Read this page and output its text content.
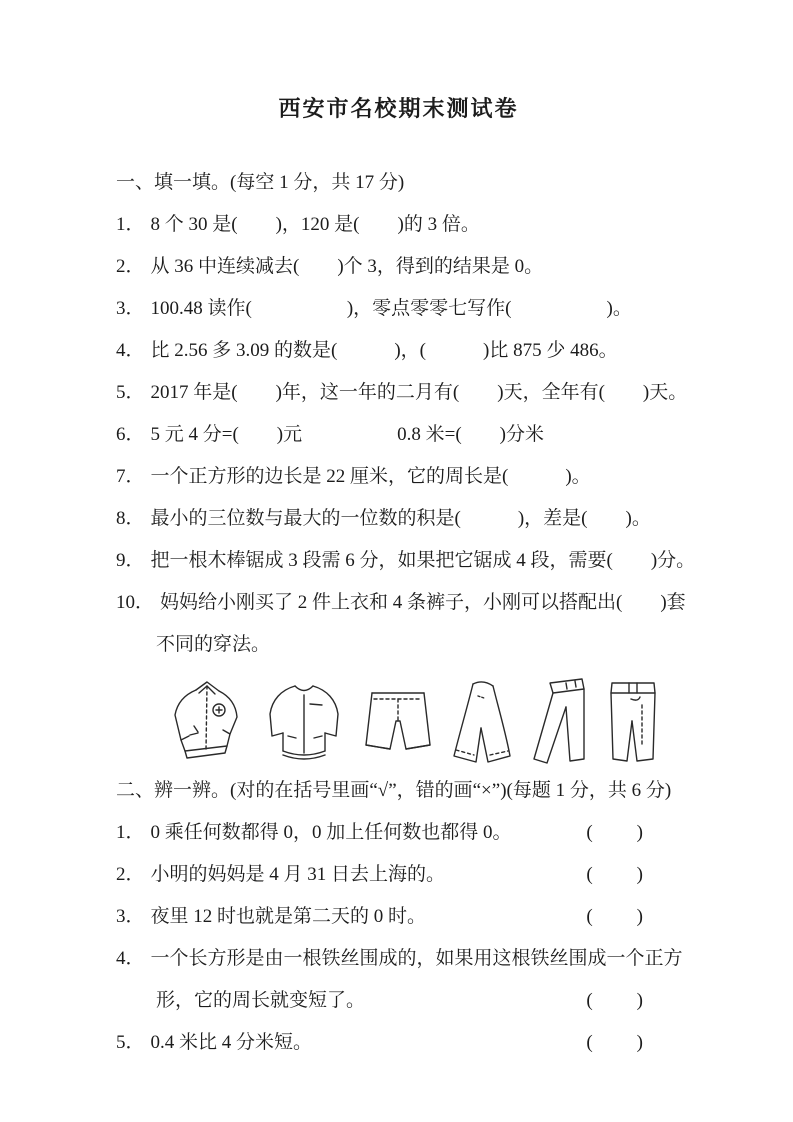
西安市名校期末测试卷
一、填一填。(每空 1 分，共 17 分)
1． 8 个 30 是(　　)，120 是(　　)的 3 倍。
2． 从 36 中连续减去(　　)个 3，得到的结果是 0。
3． 100.48 读作(　　　　　)，零点零零七写作(　　　　　)。
4． 比 2.56 多 3.09 的数是(　　　)，(　　　)比 875 少 486。
5． 2017 年是(　　)年，这一年的二月有(　　)天，全年有(　　)天。
6． 5 元 4 分=(　　)元　　　　　0.8 米=(　　)分米
7． 一个正方形的边长是 22 厘米，它的周长是(　　　)。
8． 最小的三位数与最大的一位数的积是(　　　)，差是(　　)。
9． 把一根木棒锯成 3 段需 6 分，如果把它锯成 4 段，需要(　　)分。
10． 妈妈给小刚买了 2 件上衣和 4 条裤子，小刚可以搭配出(　　)套
不同的穿法。
二、辨一辨。(对的在括号里画“√”，错的画“×”)(每题 1 分，共 6 分)
1． 0 乘任何数都得 0，0 加上任何数也都得 0。	(　　)
2． 小明的妈妈是 4 月 31 日去上海的。	(　　)
3． 夜里 12 时也就是第二天的 0 时。	(　　)
4． 一个长方形是由一根铁丝围成的，如果用这根铁丝围成一个正方
形，它的周长就变短了。	(　　)
5． 0.4 米比 4 分米短。	(　　)
